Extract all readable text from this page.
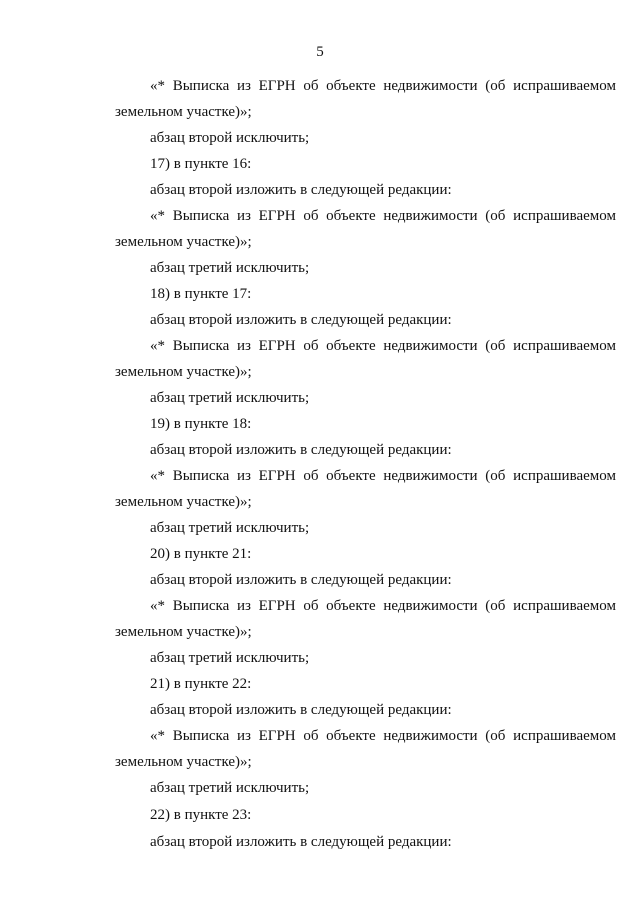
5
«* Выписка из ЕГРН об объекте недвижимости (об испрашиваемом
земельном участке)»;
абзац второй исключить;
17) в пункте 16:
абзац второй изложить в следующей редакции:
«* Выписка из ЕГРН об объекте недвижимости (об испрашиваемом
земельном участке)»;
абзац третий исключить;
18) в пункте 17:
абзац второй изложить в следующей редакции:
«* Выписка из ЕГРН об объекте недвижимости (об испрашиваемом
земельном участке)»;
абзац третий исключить;
19) в пункте 18:
абзац второй изложить в следующей редакции:
«* Выписка из ЕГРН об объекте недвижимости (об испрашиваемом
земельном участке)»;
абзац третий исключить;
20) в пункте 21:
абзац второй изложить в следующей редакции:
«* Выписка из ЕГРН об объекте недвижимости (об испрашиваемом
земельном участке)»;
абзац третий исключить;
21) в пункте 22:
абзац второй изложить в следующей редакции:
«* Выписка из ЕГРН об объекте недвижимости (об испрашиваемом
земельном участке)»;
абзац третий исключить;
22) в пункте 23:
абзац второй изложить в следующей редакции:
